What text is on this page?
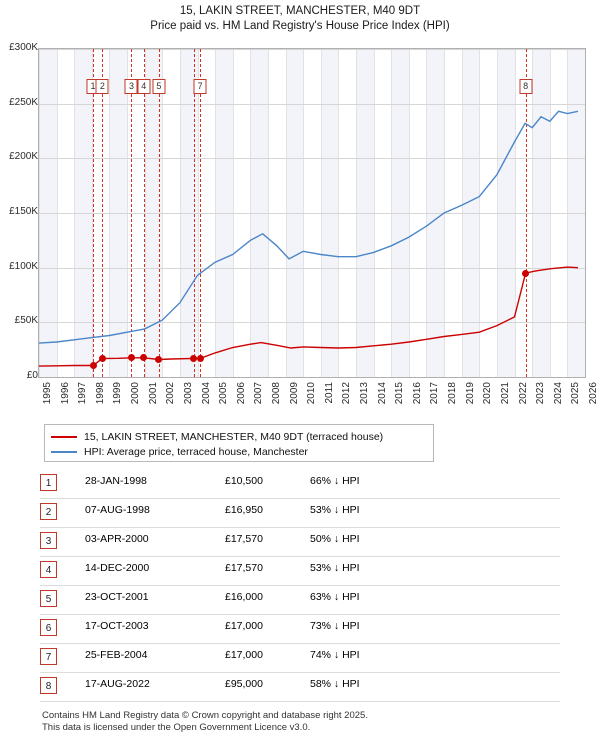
15, LAKIN STREET, MANCHESTER, M40 9DT
Price paid vs. HM Land Registry's House Price Index (HPI)
1 2	3 4	5	7	8
£0
£50K
£100K
£150K
£200K
£250K
£300K
1995 1996 1997 1998 1999 2000 2001 2002 2003 2004 2005 2006 2007 2008 2009 2010 2011 2012 2013 2014 2015 2016 2017 2018 2019 2020 2021 2022 2023 2024 2025 2026
15, LAKIN STREET, MANCHESTER, M40 9DT (terraced house)
HPI: Average price, terraced house, Manchester
1	28-JAN-1998	£10,500	66% ↓ HPI
2	07-AUG-1998	£16,950	53% ↓ HPI
3	03-APR-2000	£17,570	50% ↓ HPI
4	14-DEC-2000	£17,570	53% ↓ HPI
5	23-OCT-2001	£16,000	63% ↓ HPI
6	17-OCT-2003	£17,000	73% ↓ HPI
7	25-FEB-2004	£17,000	74% ↓ HPI
8	17-AUG-2022	£95,000	58% ↓ HPI
Contains HM Land Registry data © Crown copyright and database right 2025.
This data is licensed under the Open Government Licence v3.0.
